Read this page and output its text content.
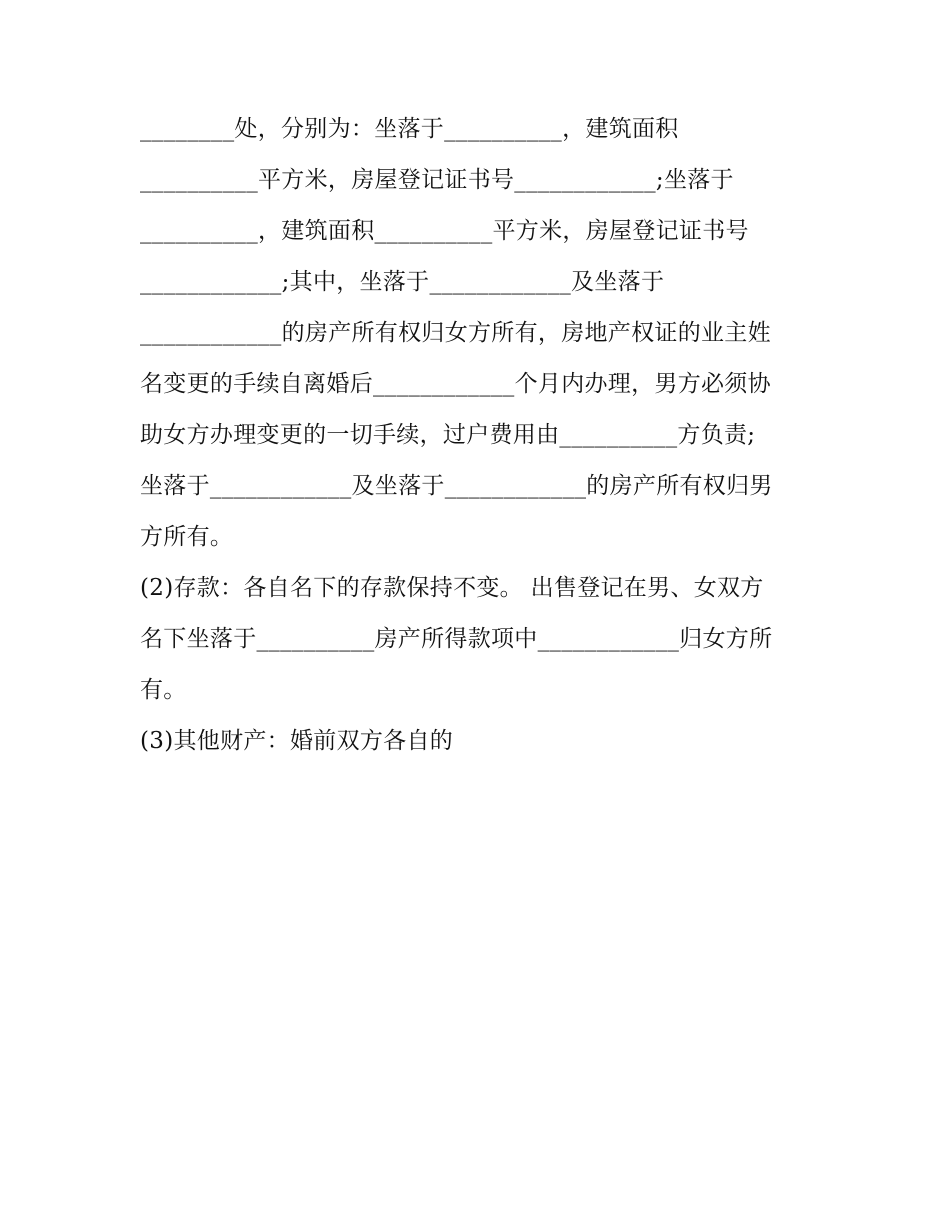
________处，分别为：坐落于__________，建筑面积
__________平方米，房屋登记证书号____________;坐落于
__________，建筑面积__________平方米，房屋登记证书号
____________;其中，坐落于____________及坐落于
____________的房产所有权归女方所有，房地产权证的业主姓
名变更的手续自离婚后____________个月内办理，男方必须协
助女方办理变更的一切手续，过户费用由__________方负责;
坐落于____________及坐落于____________的房产所有权归男
方所有。
(2)存款：各自名下的存款保持不变。 出售登记在男、女双方
名下坐落于__________房产所得款项中____________归女方所
有。
(3)其他财产：婚前双方各自的
